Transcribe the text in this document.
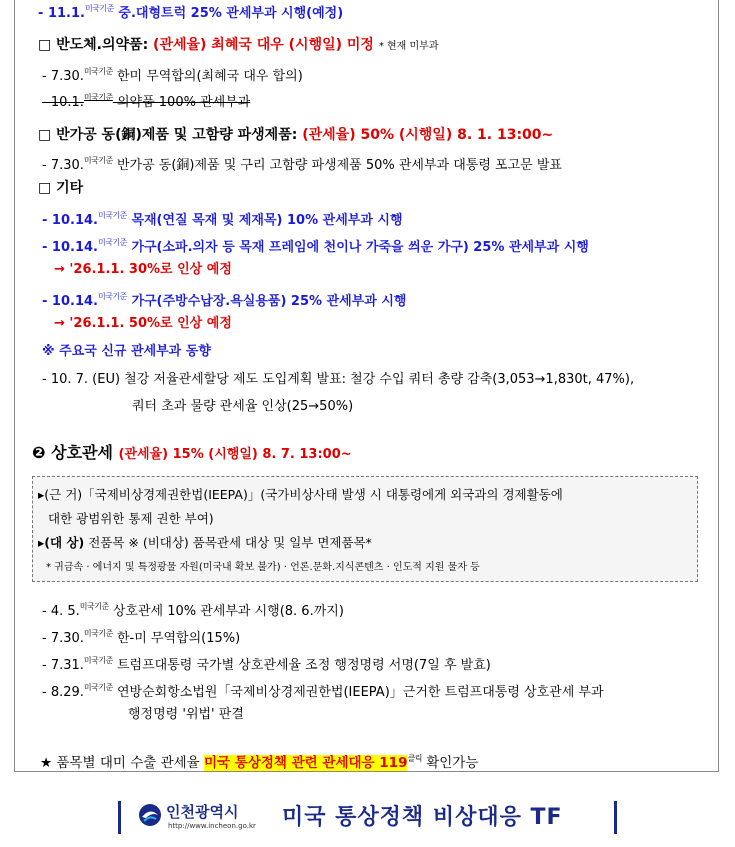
- 11.1.$^{미국기준}$ 중.대형트럭 25% 관세부과 시행(예정)
□ 반도체.의약품: (관세율) 최혜국 대우 (시행일) 미정 * 현재 미부과
- 7.30.$^{미국기준}$ 한미 무역합의(최혜국 대우 합의)
- 10.1.$^{미국기준}$ 의약품 100% 관세부과
□ 반가공 동(銅)제품 및 고함량 파생제품: (관세율) 50% (시행일) 8. 1. 13:00~
- 7.30.$^{미국기준}$ 반가공 동(銅)제품 및 구리 고함량 파생제품 50% 관세부과 대통령 포고문 발표
□ 기타
- 10.14.$^{미국기준}$ 목재(연질 목재 및 제재목) 10% 관세부과 시행
- 10.14.$^{미국기준}$ 가구(소파.의자 등 목재 프레임에 천이나 가죽을 씌운 가구) 25% 관세부과 시행
→ '26.1.1. 30%로 인상 예정
- 10.14.$^{미국기준}$ 가구(주방수납장.욕실용품) 25% 관세부과 시행
→ '26.1.1. 50%로 인상 예정
※ 주요국 신규 관세부과 동향
- 10. 7. (EU) 철강 저율관세할당 제도 도입계획 발표: 철강 수입 쿼터 총량 감축(3,053→1,830t, 47%),
쿼터 초과 물량 관세율 인상(25→50%)
❷ 상호관세 (관세율) 15% (시행일) 8. 7. 13:00~
▸(근 거)「국제비상경제권한법(IEEPA)」(국가비상사태 발생 시 대통령에게 외국과의 경제활동에
대한 광범위한 통제 권한 부여)
▸(대 상) 전품목 ※ (비대상) 품목관세 대상 및 일부 면제품목*
* 귀금속 · 에너지 및 특정광물 자원(미국내 확보 불가) · 언론.문화.지식콘텐츠 · 인도적 지원 물자 등
- 4. 5.$^{미국기준}$ 상호관세 10% 관세부과 시행(8. 6.까지)
- 7.30.$^{미국기준}$ 한-미 무역합의(15%)
- 7.31.$^{미국기준}$ 트럼프대통령 국가별 상호관세율 조정 행정명령 서명(7일 후 발효)
- 8.29.$^{미국기준}$ 연방순회항소법원「국제비상경제권한법(IEEPA)」근거한 트럼프대통령 상호관세 부과
행정명령 '위법' 판결
★ 품목별 대미 수출 관세율 미국 통상정책 관련 관세대응 $119^{클릭}$ 확인가능
인천광역시
http://www.incheon.go.kr 미국 통상정책 비상대응 TF
